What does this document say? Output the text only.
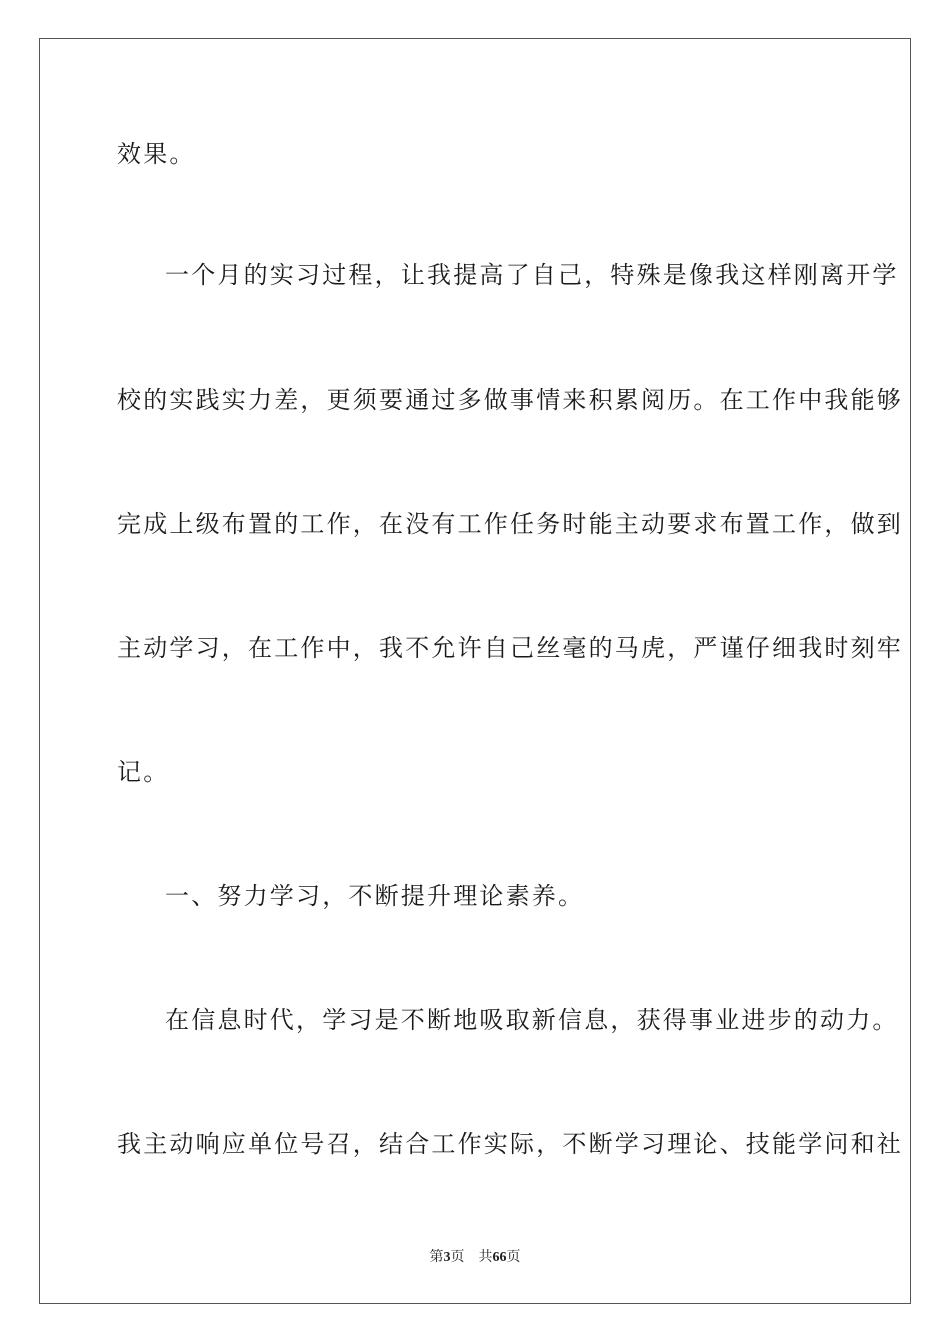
效果。
一个月的实习过程，让我提高了自己，特殊是像我这样刚离开学
校的实践实力差，更须要通过多做事情来积累阅历。在工作中我能够
完成上级布置的工作，在没有工作任务时能主动要求布置工作，做到
主动学习，在工作中，我不允许自己丝毫的马虎，严谨仔细我时刻牢
记。
一、努力学习，不断提升理论素养。
在信息时代，学习是不断地吸取新信息，获得事业进步的动力。
我主动响应单位号召，结合工作实际，不断学习理论、技能学问和社
第3页 共66页
